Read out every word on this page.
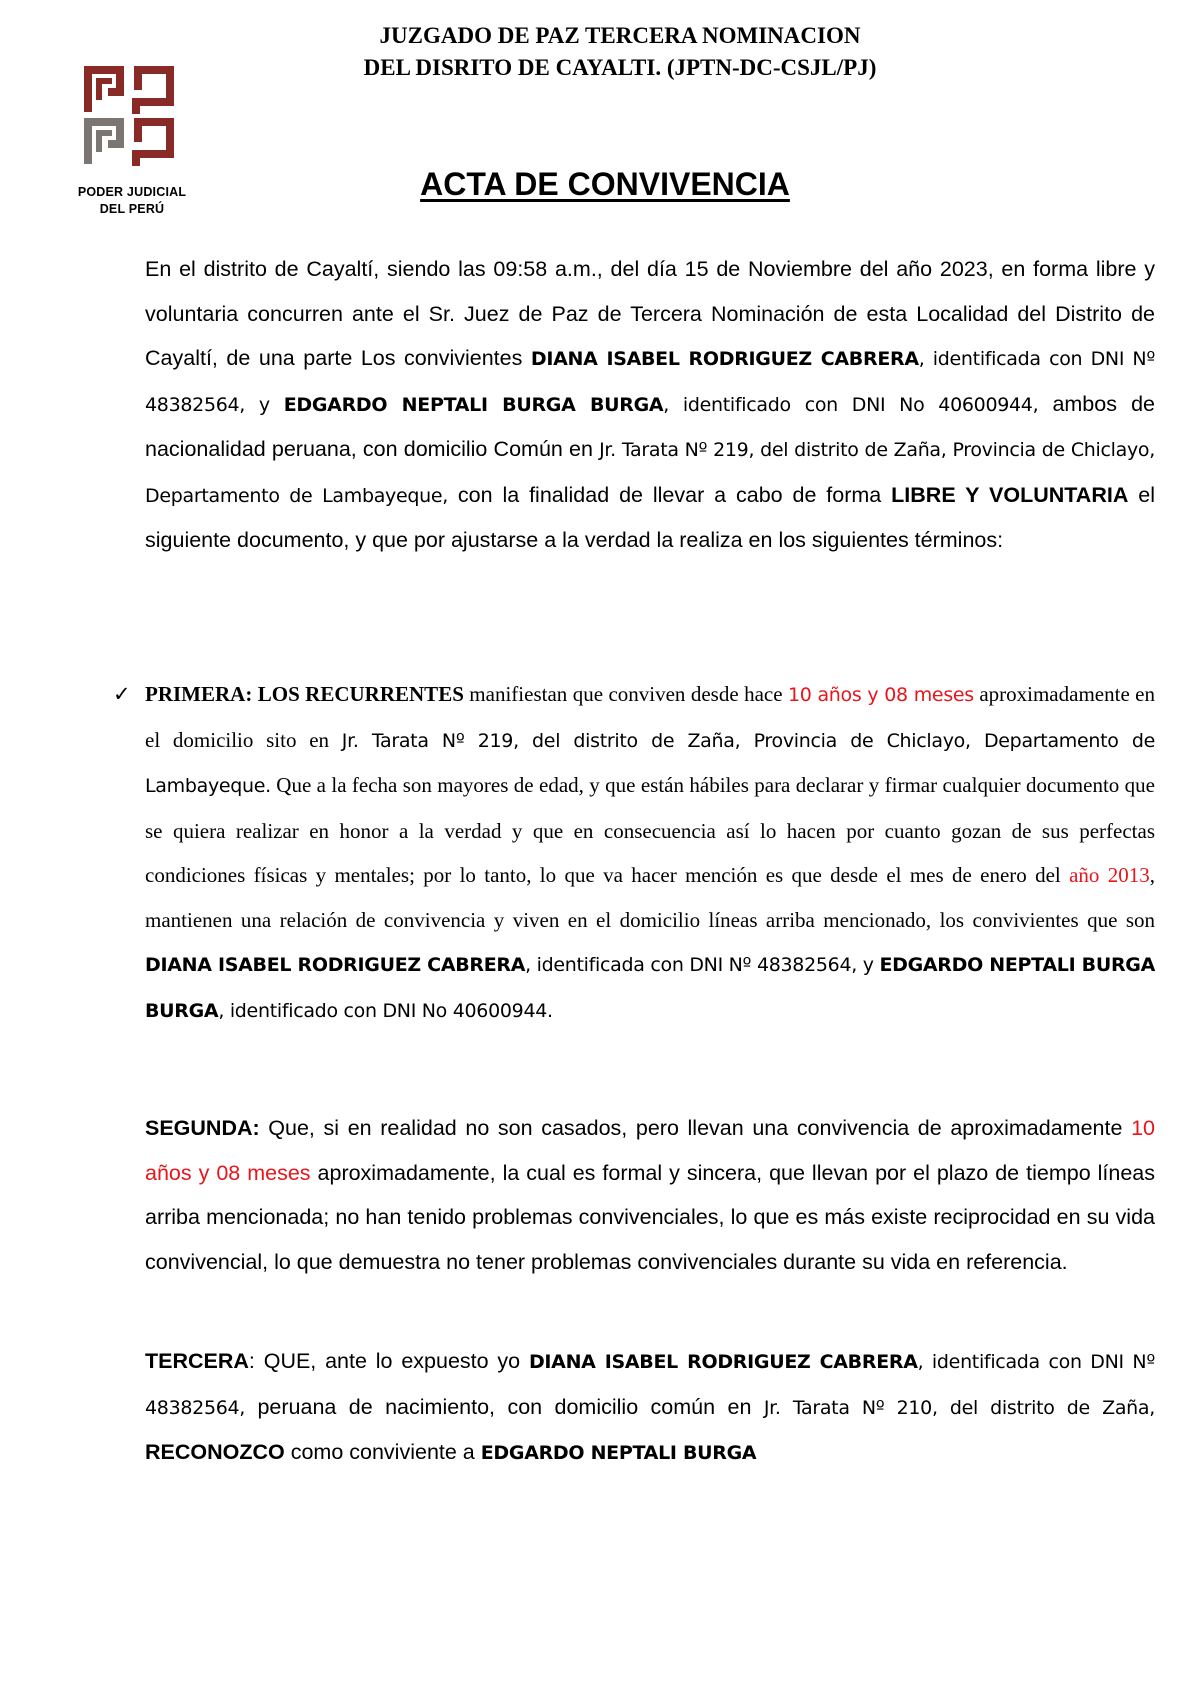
PODER JUDICIAL
DEL PERÚ
JUZGADO DE PAZ TERCERA NOMINACION
DEL DISRITO DE CAYALTI. (JPTN-DC-CSJL/PJ)
ACTA DE CONVIVENCIA

En el distrito de Cayaltí, siendo las 09:58 a.m., del día 15 de Noviembre del año 2023, en forma libre y voluntaria concurren ante el Sr. Juez de Paz de Tercera Nominación de esta Localidad del Distrito de Cayaltí, de una parte Los convivientes DIANA ISABEL RODRIGUEZ CABRERA, identificada con DNI Nº 48382564, y EDGARDO NEPTALI BURGA BURGA, identificado con DNI No 40600944, ambos de nacionalidad peruana, con domicilio Común en Jr. Tarata Nº 219, del distrito de Zaña, Provincia de Chiclayo, Departamento de Lambayeque, con la finalidad de llevar a cabo de forma LIBRE Y VOLUNTARIA el siguiente documento, y que por ajustarse a la verdad la realiza en los siguientes términos:

✓ PRIMERA: LOS RECURRENTES manifiestan que conviven desde hace 10 años y 08 meses aproximadamente en el domicilio sito en Jr. Tarata Nº 219, del distrito de Zaña, Provincia de Chiclayo, Departamento de Lambayeque. Que a la fecha son mayores de edad, y que están hábiles para declarar y firmar cualquier documento que se quiera realizar en honor a la verdad y que en consecuencia así lo hacen por cuanto gozan de sus perfectas condiciones físicas y mentales; por lo tanto, lo que va hacer mención es que desde el mes de enero del año 2013, mantienen una relación de convivencia y viven en el domicilio líneas arriba mencionado, los convivientes que son DIANA ISABEL RODRIGUEZ CABRERA, identificada con DNI Nº 48382564, y EDGARDO NEPTALI BURGA BURGA, identificado con DNI No 40600944.

SEGUNDA: Que, si en realidad no son casados, pero llevan una convivencia de aproximadamente 10 años y 08 meses aproximadamente, la cual es formal y sincera, que llevan por el plazo de tiempo líneas arriba mencionada; no han tenido problemas convivenciales, lo que es más existe reciprocidad en su vida convivencial, lo que demuestra no tener problemas convivenciales durante su vida en referencia.

TERCERA: QUE, ante lo expuesto yo DIANA ISABEL RODRIGUEZ CABRERA, identificada con DNI Nº 48382564, peruana de nacimiento, con domicilio común en Jr. Tarata Nº 210, del distrito de Zaña, RECONOZCO como conviviente a EDGARDO NEPTALI BURGA
